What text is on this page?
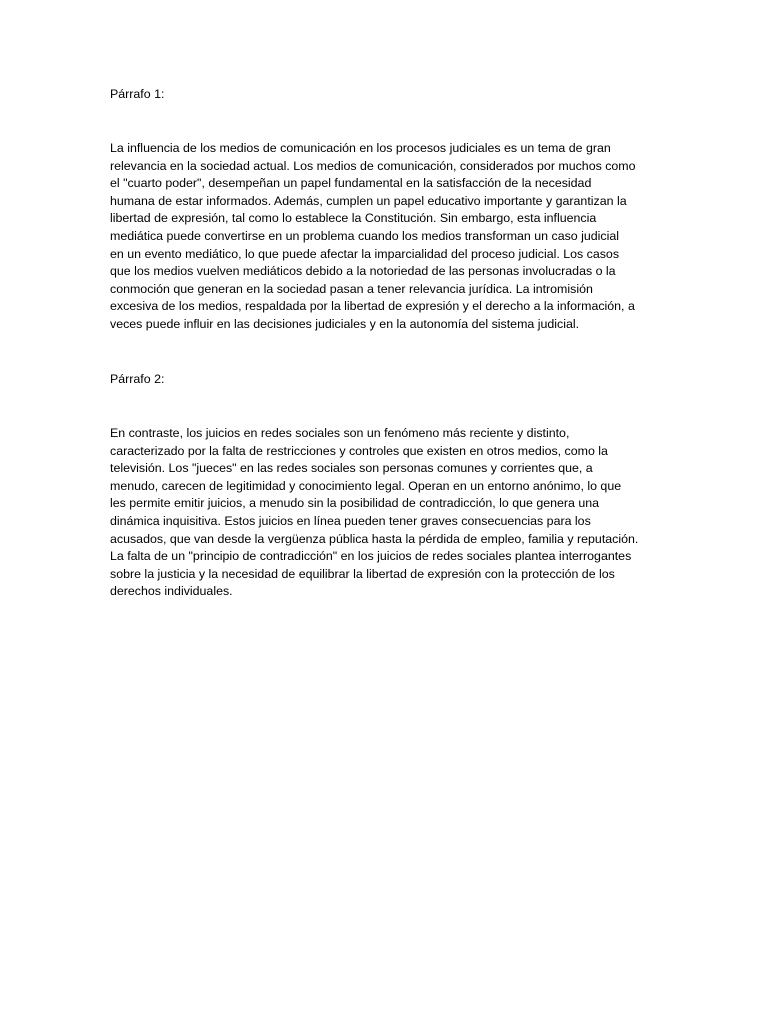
Párrafo 1:

La influencia de los medios de comunicación en los procesos judiciales es un tema de gran
relevancia en la sociedad actual. Los medios de comunicación, considerados por muchos como
el "cuarto poder", desempeñan un papel fundamental en la satisfacción de la necesidad
humana de estar informados. Además, cumplen un papel educativo importante y garantizan la
libertad de expresión, tal como lo establece la Constitución. Sin embargo, esta influencia
mediática puede convertirse en un problema cuando los medios transforman un caso judicial
en un evento mediático, lo que puede afectar la imparcialidad del proceso judicial. Los casos
que los medios vuelven mediáticos debido a la notoriedad de las personas involucradas o la
conmoción que generan en la sociedad pasan a tener relevancia jurídica. La intromisión
excesiva de los medios, respaldada por la libertad de expresión y el derecho a la información, a
veces puede influir en las decisiones judiciales y en la autonomía del sistema judicial.

Párrafo 2:

En contraste, los juicios en redes sociales son un fenómeno más reciente y distinto,
caracterizado por la falta de restricciones y controles que existen en otros medios, como la
televisión. Los "jueces" en las redes sociales son personas comunes y corrientes que, a
menudo, carecen de legitimidad y conocimiento legal. Operan en un entorno anónimo, lo que
les permite emitir juicios, a menudo sin la posibilidad de contradicción, lo que genera una
dinámica inquisitiva. Estos juicios en línea pueden tener graves consecuencias para los
acusados, que van desde la vergüenza pública hasta la pérdida de empleo, familia y reputación.
La falta de un "principio de contradicción" en los juicios de redes sociales plantea interrogantes
sobre la justicia y la necesidad de equilibrar la libertad de expresión con la protección de los
derechos individuales.
